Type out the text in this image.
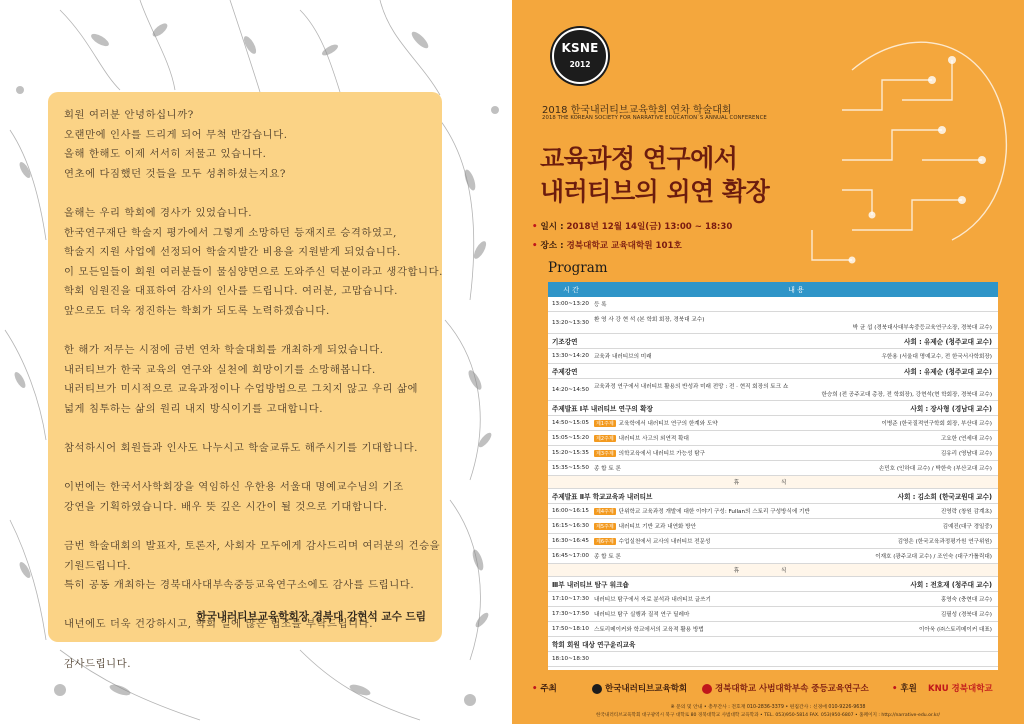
회원 여러분 안녕하십니까?

오랜만에 인사를 드리게 되어 무척 반갑습니다.

올해 한해도 이제 서서히 저물고 있습니다.

연초에 다짐했던 것들을 모두 성취하셨는지요?

올해는 우리 학회에 경사가 있었습니다.

한국연구재단 학술지 평가에서 그렇게 소망하던 등재지로 승격하였고,

학술지 지원 사업에 선정되어 학술지발간 비용을 지원받게 되었습니다.

이 모든일들이 회원 여러분들이 물심양면으로 도와주신 덕분이라고 생각합니다.

학회 임원진을 대표하여 감사의 인사를 드립니다. 여러분, 고맙습니다.

앞으로도 더욱 정진하는 학회가 되도록 노력하겠습니다.

한 해가 저무는 시점에 금번 연차 학술대회를 개최하게 되었습니다.

내러티브가 한국 교육의 연구와 실천에 희망이기를 소망해봅니다.

내러티브가 미시적으로 교육과정이나 수업방법으로 그치지 않고 우리 삶에

넓게 침투하는 삶의 원리 내지 방식이기를 고대합니다.

참석하시어 회원들과 인사도 나누시고 학술교류도 해주시기를 기대합니다.

이번에는 한국서사학회장을 역임하신 우한용 서울대 명예교수님의 기조

강연을 기획하였습니다. 배우 뜻 깊은 시간이 될 것으로 기대합니다.

금번 학술대회의 발표자, 토론자, 사회자 모두에게 감사드리며 여러분의 건승을

기원드립니다.

특히 공동 개최하는 경북대사대부속중등교육연구소에도 감사를 드립니다.

내년에도 더욱 건강하시고, 학회 일에 많은 협조를 부탁드립니다.

감사드립니다.

한국내러티브교육학회장 경북대 강현석 교수 드림
KSNE
2012
2018 한국내러티브교육학회 연차 학술대회
2018 THE KOREAN SOCIETY FOR NARRATIVE EDUCATION`S ANNUAL CONFERENCE
교육과정 연구에서
내러티브의 외연 확장
• 일시 : 2018년 12월 14일(금) 13:00 ~ 18:30
• 장소 : 경북대학교 교육대학원 101호
Program
시 간	내 용
13:00~13:20 등 록
13:20~13:30 환 영 사 강 현 석 (본 학회 회장, 경북대 교수)
박 균 섭 (경북대사대부속중등교육연구소장, 경북대 교수)
기조강연	사회 : 유제순 (청주교대 교수)
13:30~14:20 교육과 내러티브의 미래	우한용 (서울대 명예교수, 전 한국서사학회장)
주제강연	사회 : 유제순 (청주교대 교수)
14:20~14:50 교육과정 연구에서 내러티브 활용의 반성과 미래 전망 : 전 · 현직 회장의 토크 쇼
한승희 (전 공주교대 총장, 전 학회장), 강현석(현 학회장, 경북대 교수)
주제발표 Ⅰ부 내러티브 연구의 확장	사회 : 장사형 (경남대 교수)
14:50~15:05	제1주제 교육학에서 내러티브 연구의 한계와 도약	이병준 (한국질적연구학회 회장, 부산대 교수)
15:05~15:20	제2주제 내러티브 사고의 외연적 확대	고요한 (연세대 교수)
15:20~15:35	제3주제 의학교육에서 내러티브 가능성 탐구	김유리 (영남대 교수)
15:35~15:50 종 합 토 론	손민호 (인하대 교수) / 박한숙 (부산교대 교수)
휴 식
주제발표 Ⅱ부 학교교육과 내러티브	사회 : 김소희 (한국교원대 교수)
16:00~16:15	제4주제 단위학교 교육과정 개발에 대한 이야기 구성: Fullan의 스토리 구성방식에 기반	진영락 (창원 감계초)
16:15~16:30	제5주제 내러티브 기반 교과 내연화 방안	김예진(대구 경일중)
16:30~16:45	제6주제 수업실천에서 교사의 내러티브 전문성	김영은 (한국교육과정평가원 연구위원)
16:45~17:00 종 합 토 론	이재호 (광주교대 교수) / 조인숙 (대구가톨릭대)
휴 식
Ⅲ부 내러티브 탐구 워크숍	사회 : 전호재 (청주대 교수)
17:10~17:30 내러티브 탐구에서 자료 분석과 내러티브 글쓰기	홍영숙 (충현대 교수)
17:30~17:50 내러티브 탐구 실행과 질적 연구 딜레마	김필성 (경북대 교수)
17:50~18:10 스토리메이커와 학교에서의 교육적 활용 방법	이아욱 (㈜스토리메이커 대표)
학회 회원 대상 연구윤리교육
18:10~18:30
• 주최	한국내러티브교육학회	경북대학교 사범대학부속 중등교육연구소	• 후원 KNU 경북대학교
※ 문의 및 안내 • 총무간사 : 전호재 010-2836-3379 • 편집간사 : 신경애 010-9226-9638
한국내러티브교육학회 대구광역시 북구 대학로 80 경북대학교 사범대학 교육학과 • TEL. 053)950-5814 FAX. 053)950-6807 • 홈페이지 : http://narrative-edu.or.kr/
